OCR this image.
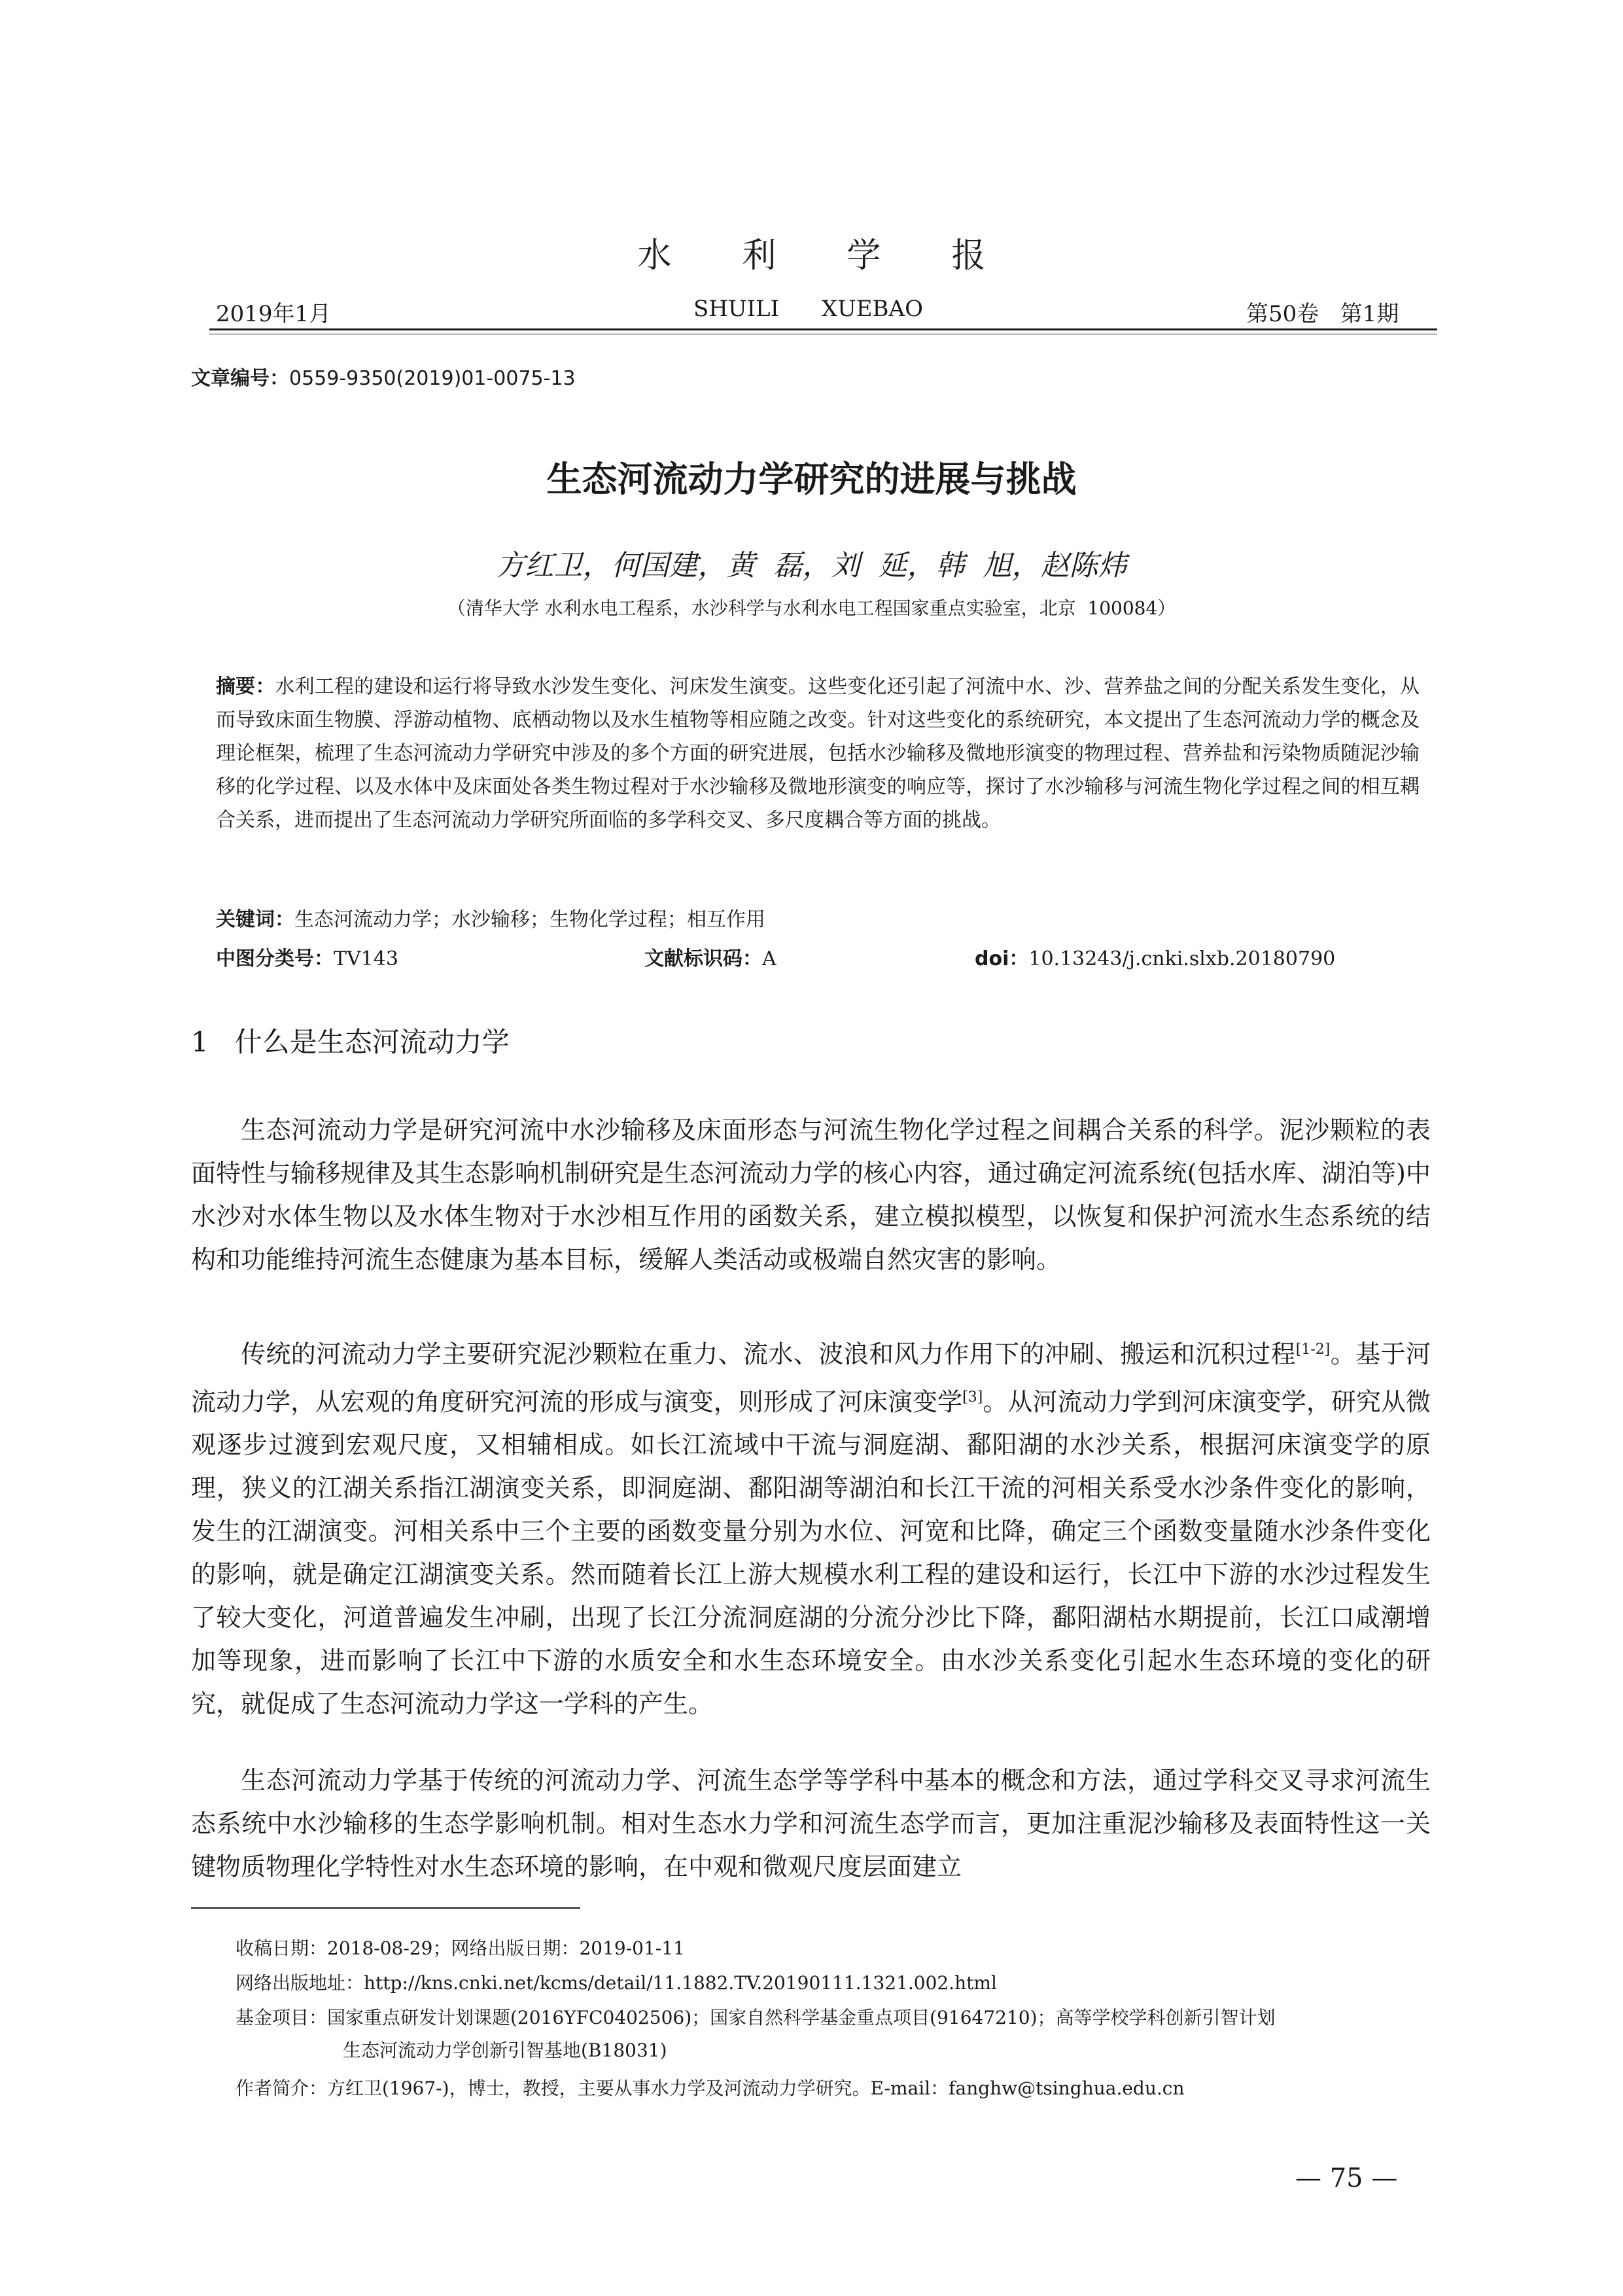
水利学报
2019年1月	SHUILI      XUEBAO	第50卷   第1期
文章编号：0559-9350(2019)01-0075-13
生态河流动力学研究的进展与挑战
方红卫，何国建，黄  磊，刘  延，韩  旭，赵陈炜
（清华大学 水利水电工程系，水沙科学与水利水电工程国家重点实验室，北京  100084）
摘要：水利工程的建设和运行将导致水沙发生变化、河床发生演变。这些变化还引起了河流中水、沙、营养盐之间的分配关系发生变化，从而导致床面生物膜、浮游动植物、底栖动物以及水生植物等相应随之改变。针对这些变化的系统研究，本文提出了生态河流动力学的概念及理论框架，梳理了生态河流动力学研究中涉及的多个方面的研究进展，包括水沙输移及微地形演变的物理过程、营养盐和污染物质随泥沙输移的化学过程、以及水体中及床面处各类生物过程对于水沙输移及微地形演变的响应等，探讨了水沙输移与河流生物化学过程之间的相互耦合关系，进而提出了生态河流动力学研究所面临的多学科交叉、多尺度耦合等方面的挑战。
关键词：生态河流动力学；水沙输移；生物化学过程；相互作用
中图分类号：TV143	文献标识码：A	doi：10.13243/j.cnki.slxb.20180790
1 什么是生态河流动力学

生态河流动力学是研究河流中水沙输移及床面形态与河流生物化学过程之间耦合关系的科学。泥沙颗粒的表面特性与输移规律及其生态影响机制研究是生态河流动力学的核心内容，通过确定河流系统(包括水库、湖泊等)中水沙对水体生物以及水体生物对于水沙相互作用的函数关系，建立模拟模型，以恢复和保护河流水生态系统的结构和功能维持河流生态健康为基本目标，缓解人类活动或极端自然灾害的影响。

传统的河流动力学主要研究泥沙颗粒在重力、流水、波浪和风力作用下的冲刷、搬运和沉积过程[1-2]。基于河流动力学，从宏观的角度研究河流的形成与演变，则形成了河床演变学[3]。从河流动力学到河床演变学，研究从微观逐步过渡到宏观尺度，又相辅相成。如长江流域中干流与洞庭湖、鄱阳湖的水沙关系，根据河床演变学的原理，狭义的江湖关系指江湖演变关系，即洞庭湖、鄱阳湖等湖泊和长江干流的河相关系受水沙条件变化的影响，发生的江湖演变。河相关系中三个主要的函数变量分别为水位、河宽和比降，确定三个函数变量随水沙条件变化的影响，就是确定江湖演变关系。然而随着长江上游大规模水利工程的建设和运行，长江中下游的水沙过程发生了较大变化，河道普遍发生冲刷，出现了长江分流洞庭湖的分流分沙比下降，鄱阳湖枯水期提前，长江口咸潮增加等现象，进而影响了长江中下游的水质安全和水生态环境安全。由水沙关系变化引起水生态环境的变化的研究，就促成了生态河流动力学这一学科的产生。

生态河流动力学基于传统的河流动力学、河流生态学等学科中基本的概念和方法，通过学科交叉寻求河流生态系统中水沙输移的生态学影响机制。相对生态水力学和河流生态学而言，更加注重泥沙输移及表面特性这一关键物质物理化学特性对水生态环境的影响，在中观和微观尺度层面建立

收稿日期：2018-08-29；网络出版日期：2019-01-11
网络出版地址：http://kns.cnki.net/kcms/detail/11.1882.TV.20190111.1321.002.html
基金项目：国家重点研发计划课题(2016YFC0402506)；国家自然科学基金重点项目(91647210)；高等学校学科创新引智计划
生态河流动力学创新引智基地(B18031)
作者简介：方红卫(1967-)，博士，教授，主要从事水力学及河流动力学研究。E-mail：fanghw@tsinghua.edu.cn
— 75 —
